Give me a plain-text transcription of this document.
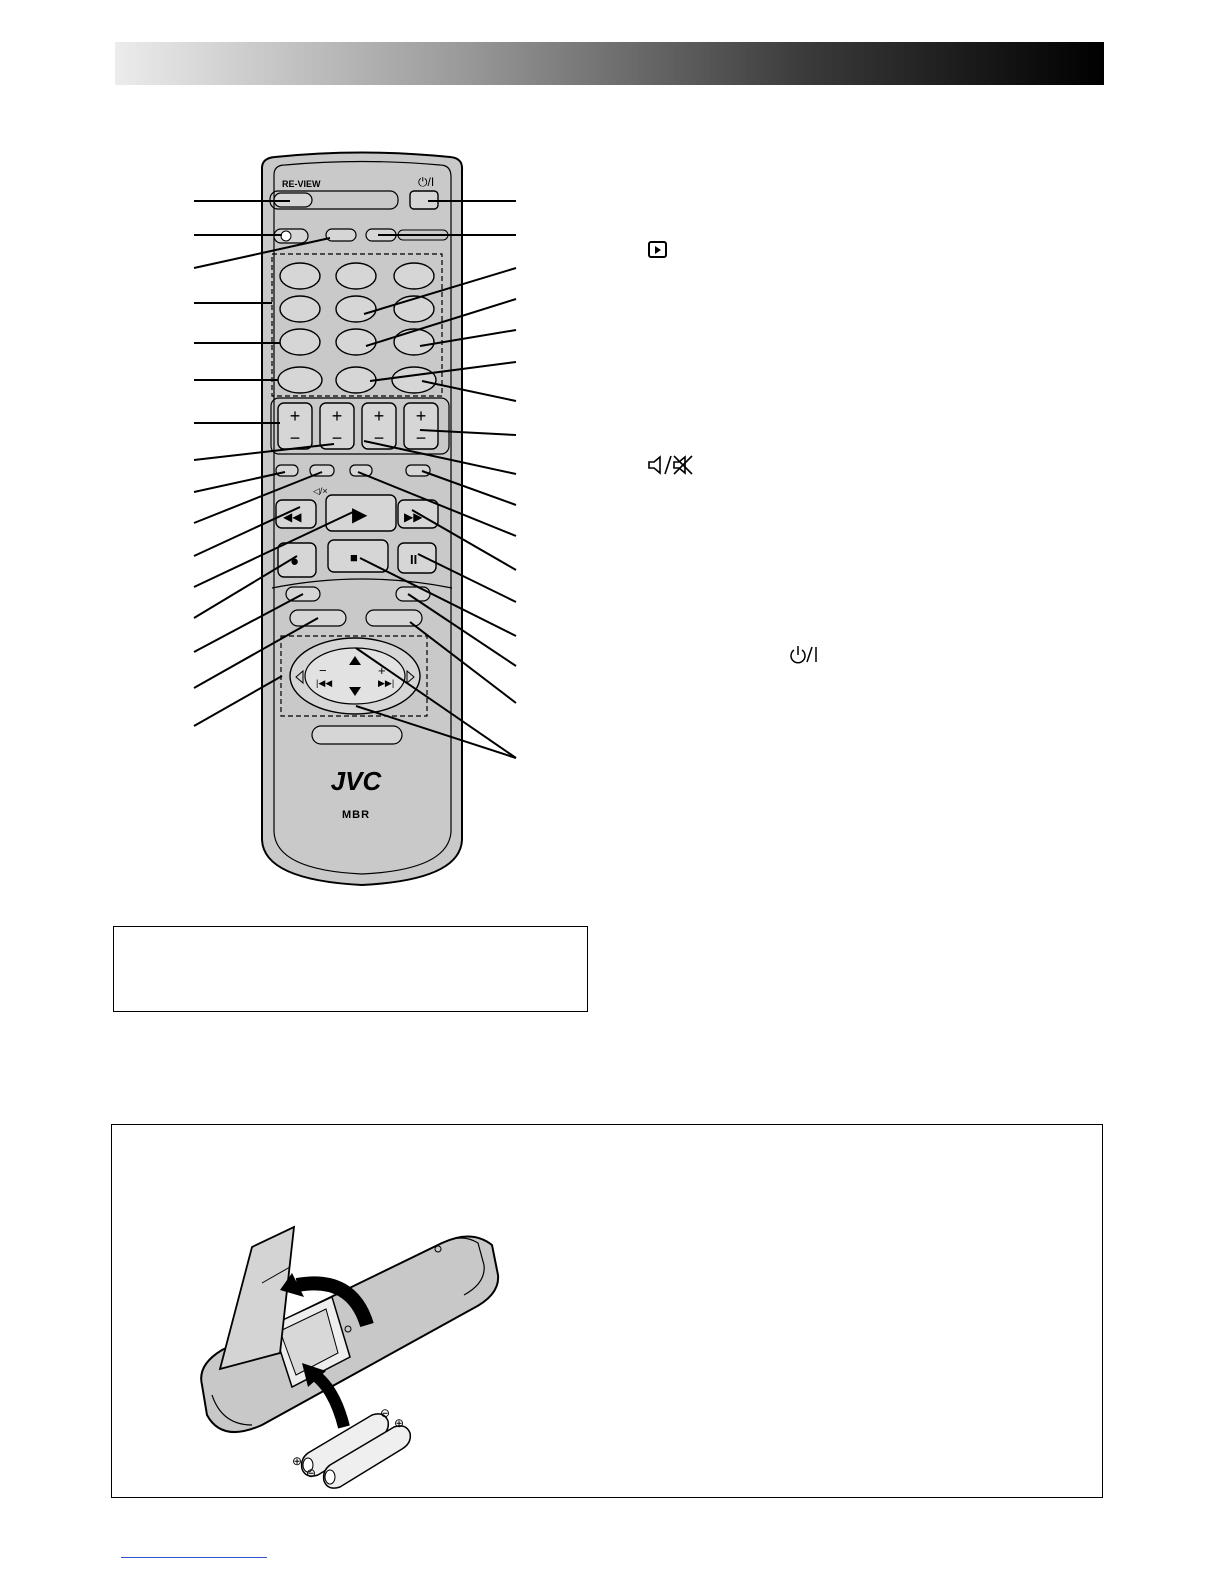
RE-VIEW	⏻/I
+ + + +
− − − −
◁/×
◀◀	▶	▶▶
●	■	II
|◀◀	▶▶|
−	+
JVC
MBR
⊖
⊕
⊕
⊖
